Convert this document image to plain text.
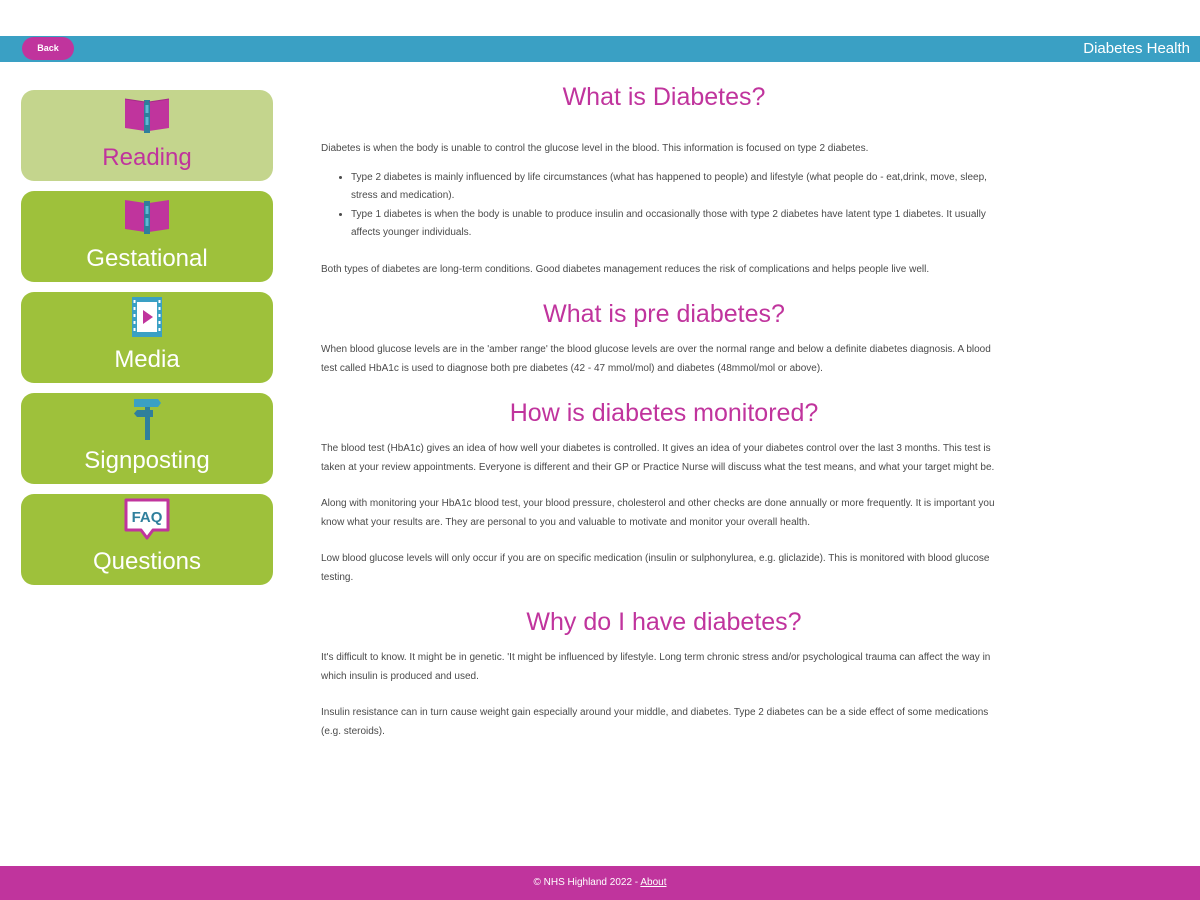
Back	Diabetes Health
Reading
Gestational
Media
Signposting
FAQ
Questions
What is Diabetes?

Diabetes is when the body is unable to control the glucose level in the blood. This information is focused on type 2 diabetes.

• Type 2 diabetes is mainly influenced by life circumstances (what has happened to people) and lifestyle (what people do - eat,drink, move, sleep, stress and medication).
• Type 1 diabetes is when the body is unable to produce insulin and occasionally those with type 2 diabetes have latent type 1 diabetes. It usually affects younger individuals.

Both types of diabetes are long-term conditions. Good diabetes management reduces the risk of complications and helps people live well.

What is pre diabetes?

When blood glucose levels are in the 'amber range' the blood glucose levels are over the normal range and below a definite diabetes diagnosis. A blood test called HbA1c is used to diagnose both pre diabetes (42 - 47 mmol/mol) and diabetes (48mmol/mol or above).

How is diabetes monitored?

The blood test (HbA1c) gives an idea of how well your diabetes is controlled. It gives an idea of your diabetes control over the last 3 months. This test is taken at your review appointments. Everyone is different and their GP or Practice Nurse will discuss what the test means, and what your target might be.

Along with monitoring your HbA1c blood test, your blood pressure, cholesterol and other checks are done annually or more frequently. It is important you know what your results are. They are personal to you and valuable to motivate and monitor your overall health.

Low blood glucose levels will only occur if you are on specific medication (insulin or sulphonylurea, e.g. gliclazide). This is monitored with blood glucose testing.

Why do I have diabetes?

It's difficult to know. It might be in genetic. 'It might be influenced by lifestyle. Long term chronic stress and/or psychological trauma can affect the way in which insulin is produced and used.

Insulin resistance can in turn cause weight gain especially around your middle, and diabetes. Type 2 diabetes can be a side effect of some medications (e.g. steroids).

© NHS Highland 2022 - About
